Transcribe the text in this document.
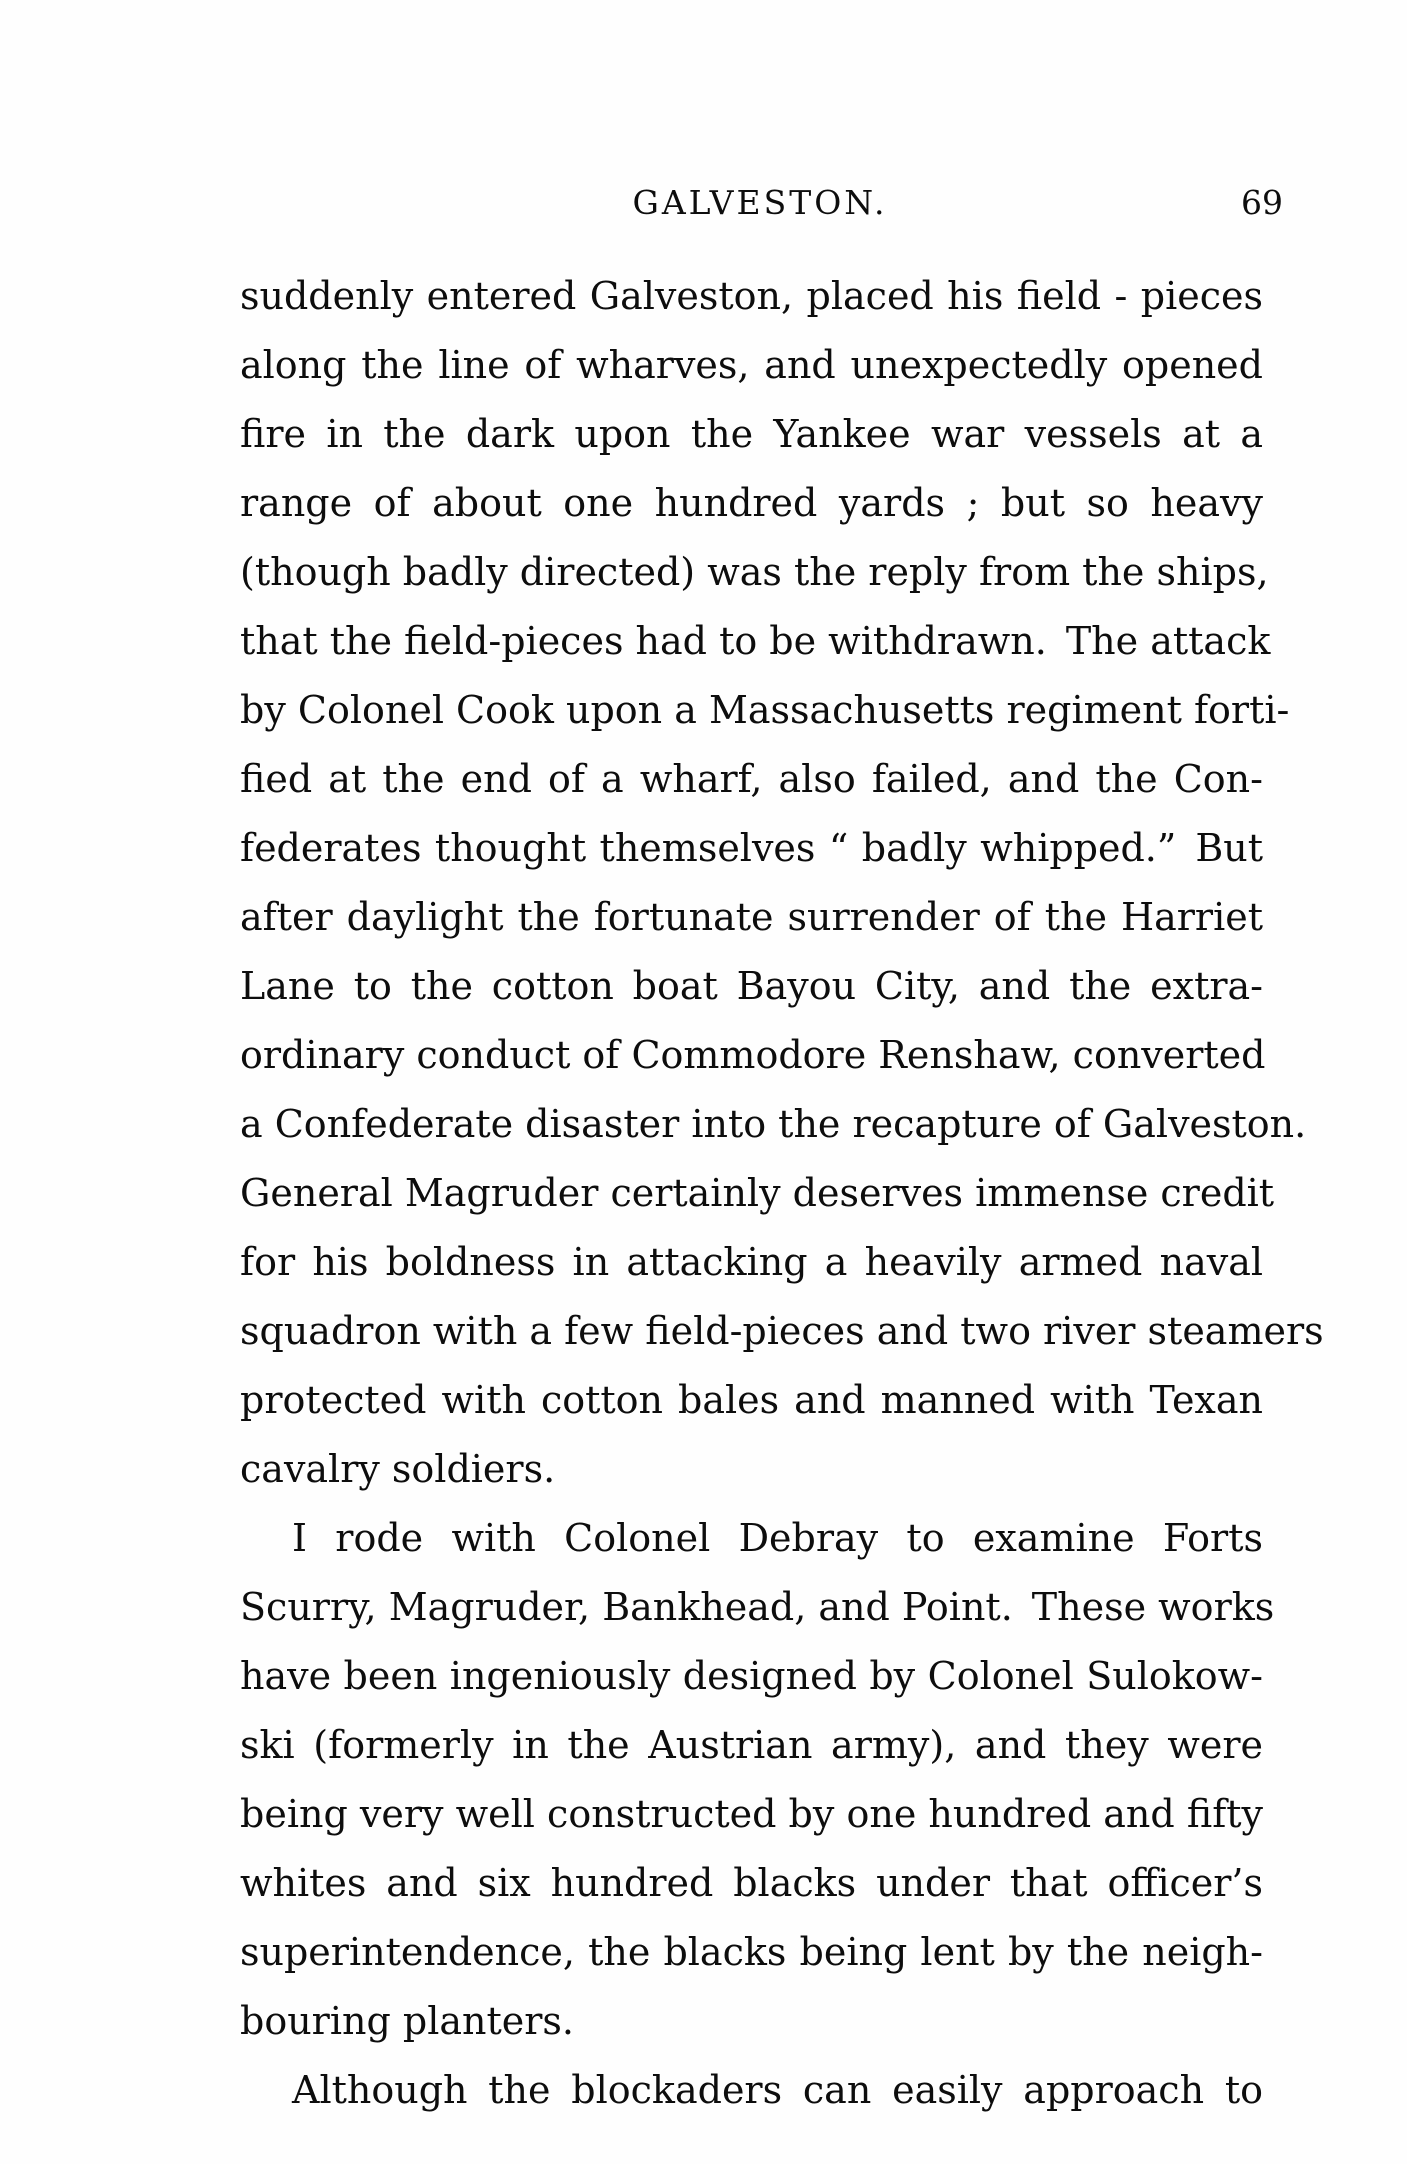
GALVESTON.	69
suddenly entered Galveston, placed his field - pieces
along the line of wharves, and unexpectedly opened
fire in the dark upon the Yankee war vessels at a
range of about one hundred yards ; but so heavy
(though badly directed) was the reply from the ships,
that the field-pieces had to be withdrawn. The attack
by Colonel Cook upon a Massachusetts regiment forti-
fied at the end of a wharf, also failed, and the Con-
federates thought themselves “ badly whipped.” But
after daylight the fortunate surrender of the Harriet
Lane to the cotton boat Bayou City, and the extra-
ordinary conduct of Commodore Renshaw, converted
a Confederate disaster into the recapture of Galveston.
General Magruder certainly deserves immense credit
for his boldness in attacking a heavily armed naval
squadron with a few field-pieces and two river steamers
protected with cotton bales and manned with Texan
cavalry soldiers.
I rode with Colonel Debray to examine Forts
Scurry, Magruder, Bankhead, and Point. These works
have been ingeniously designed by Colonel Sulokow-
ski (formerly in the Austrian army), and they were
being very well constructed by one hundred and fifty
whites and six hundred blacks under that officer’s
superintendence, the blacks being lent by the neigh-
bouring planters.
Although the blockaders can easily approach to
